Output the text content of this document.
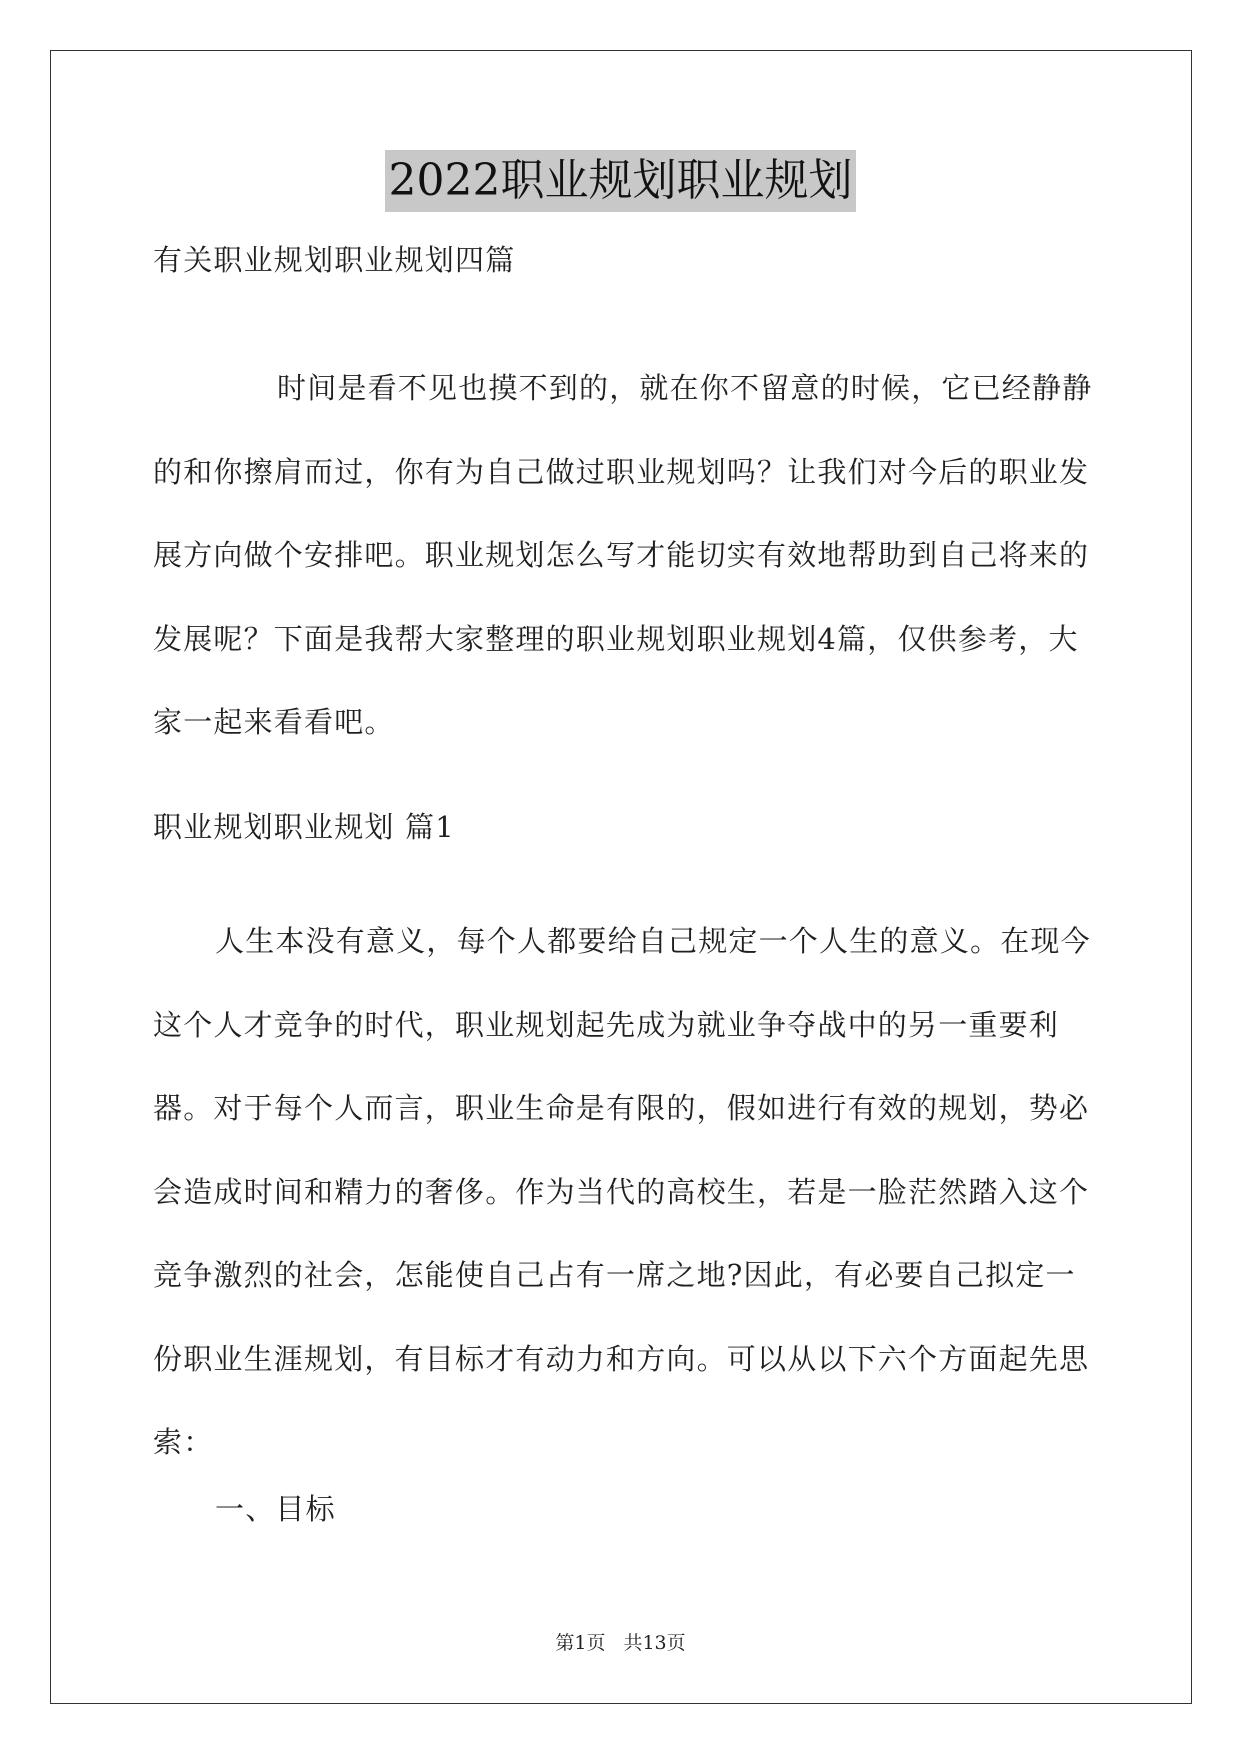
2022职业规划职业规划
有关职业规划职业规划四篇

时间是看不见也摸不到的，就在你不留意的时候，它已经静静的和你擦肩而过，你有为自己做过职业规划吗？让我们对今后的职业发展方向做个安排吧。职业规划怎么写才能切实有效地帮助到自己将来的发展呢？下面是我帮大家整理的职业规划职业规划4篇，仅供参考，大家一起来看看吧。

职业规划职业规划 篇1

人生本没有意义，每个人都要给自己规定一个人生的意义。在现今这个人才竞争的时代，职业规划起先成为就业争夺战中的另一重要利器。对于每个人而言，职业生命是有限的，假如进行有效的规划，势必会造成时间和精力的奢侈。作为当代的高校生，若是一脸茫然踏入这个竞争激烈的社会，怎能使自己占有一席之地?因此，有必要自己拟定一份职业生涯规划，有目标才有动力和方向。可以从以下六个方面起先思索：

一、目标
第1页 共13页
